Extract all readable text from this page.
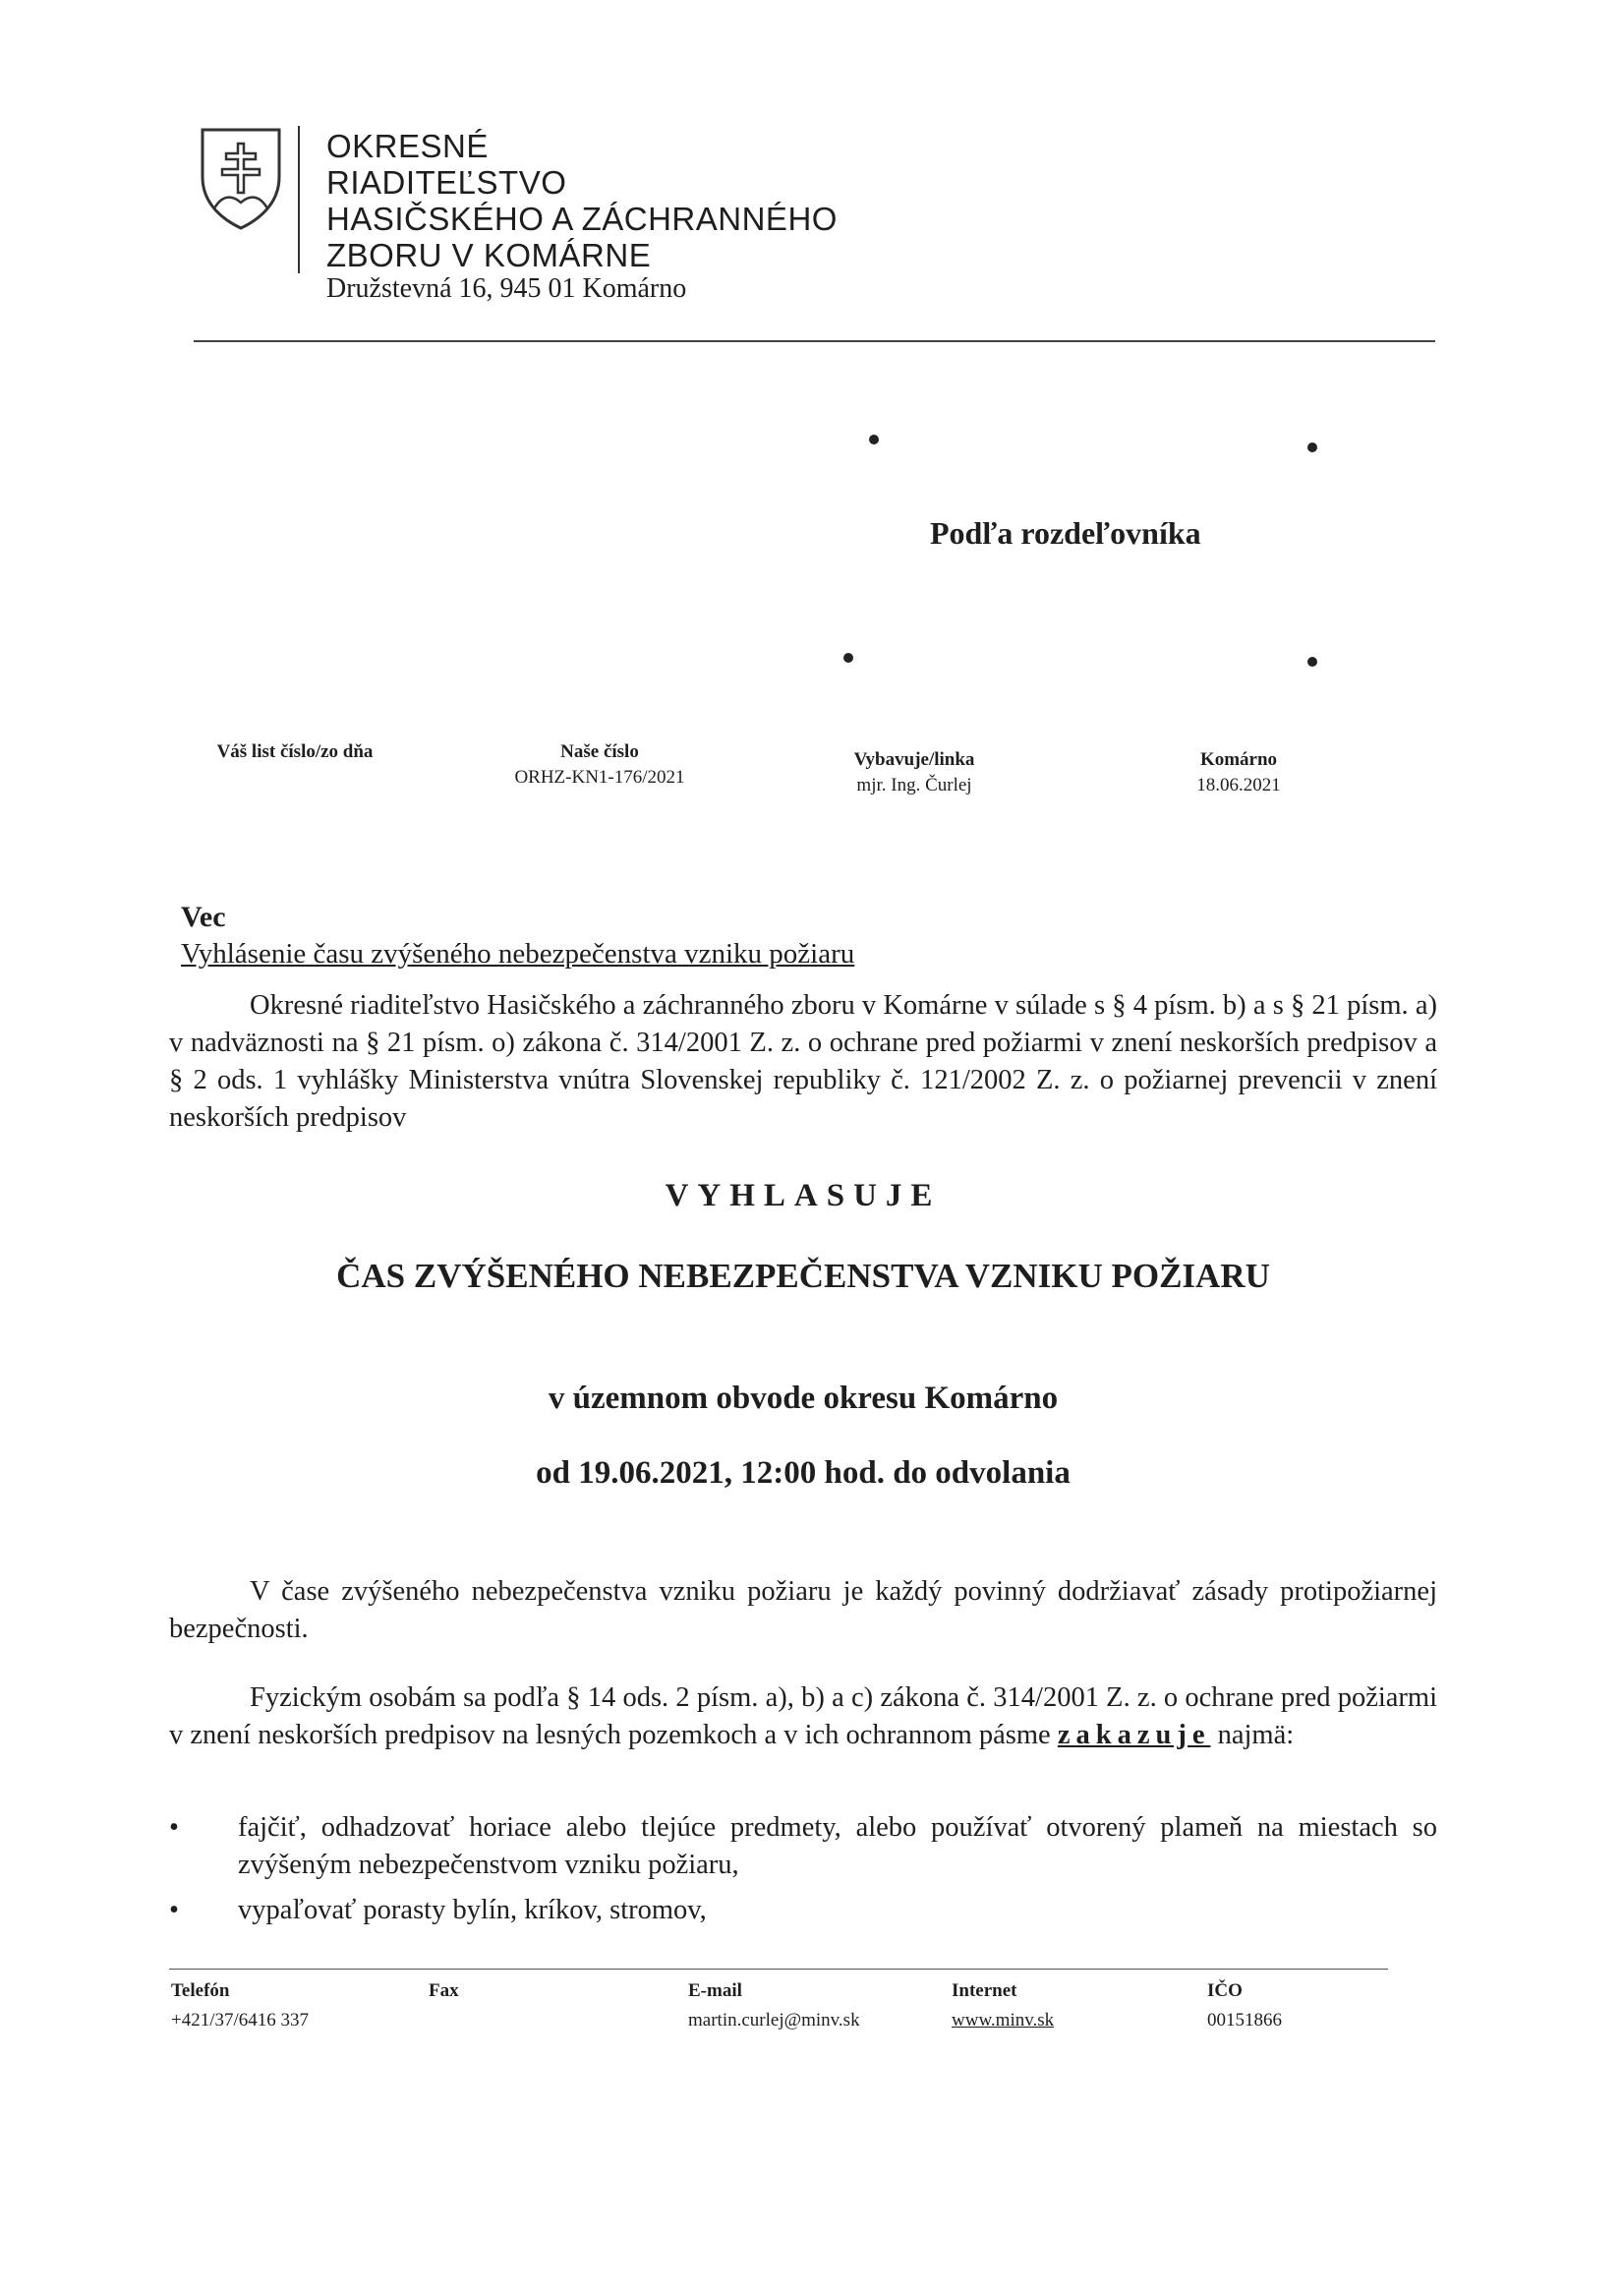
OKRESNÉ
RIADITEĽSTVO
HASIČSKÉHO A ZÁCHRANNÉHO
ZBORU V KOMÁRNE
Družstevná 16, 945 01 Komárno
Podľa rozdeľovníka
Váš list číslo/zo dňa	Naše číslo
ORHZ-KN1-176/2021
Vybavuje/linka
mjr. Ing. Čurlej
Komárno
18.06.2021
Vec
Vyhlásenie času zvýšeného nebezpečenstva vzniku požiaru

Okresné riaditeľstvo Hasičského a záchranného zboru v Komárne v súlade s § 4 písm. b) a s § 21 písm. a) v nadväznosti na § 21 písm. o) zákona č. 314/2001 Z. z. o ochrane pred požiarmi v znení neskorších predpisov a § 2 ods. 1 vyhlášky Ministerstva vnútra Slovenskej republiky č. 121/2002 Z. z. o požiarnej prevencii v znení neskorších predpisov

VYHLASUJE
ČAS ZVÝŠENÉHO NEBEZPEČENSTVA VZNIKU POŽIARU
v územnom obvode okresu Komárno
od 19.06.2021, 12:00 hod. do odvolania

V čase zvýšeného nebezpečenstva vzniku požiaru je každý povinný dodržiavať zásady protipožiarnej bezpečnosti.

Fyzickým osobám sa podľa § 14 ods. 2 písm. a), b) a c) zákona č. 314/2001 Z. z. o ochrane pred požiarmi v znení neskorších predpisov na lesných pozemkoch a v ich ochrannom pásme zakazuje najmä:

• fajčiť, odhadzovať horiace alebo tlejúce predmety, alebo používať otvorený plameň na miestach so zvýšeným nebezpečenstvom vzniku požiaru,
• vypaľovať porasty bylín, kríkov, stromov,
Telefón
+421/37/6416 337
Fax	E-mail
martin.curlej@minv.sk
Internet
www.minv.sk
IČO
00151866
